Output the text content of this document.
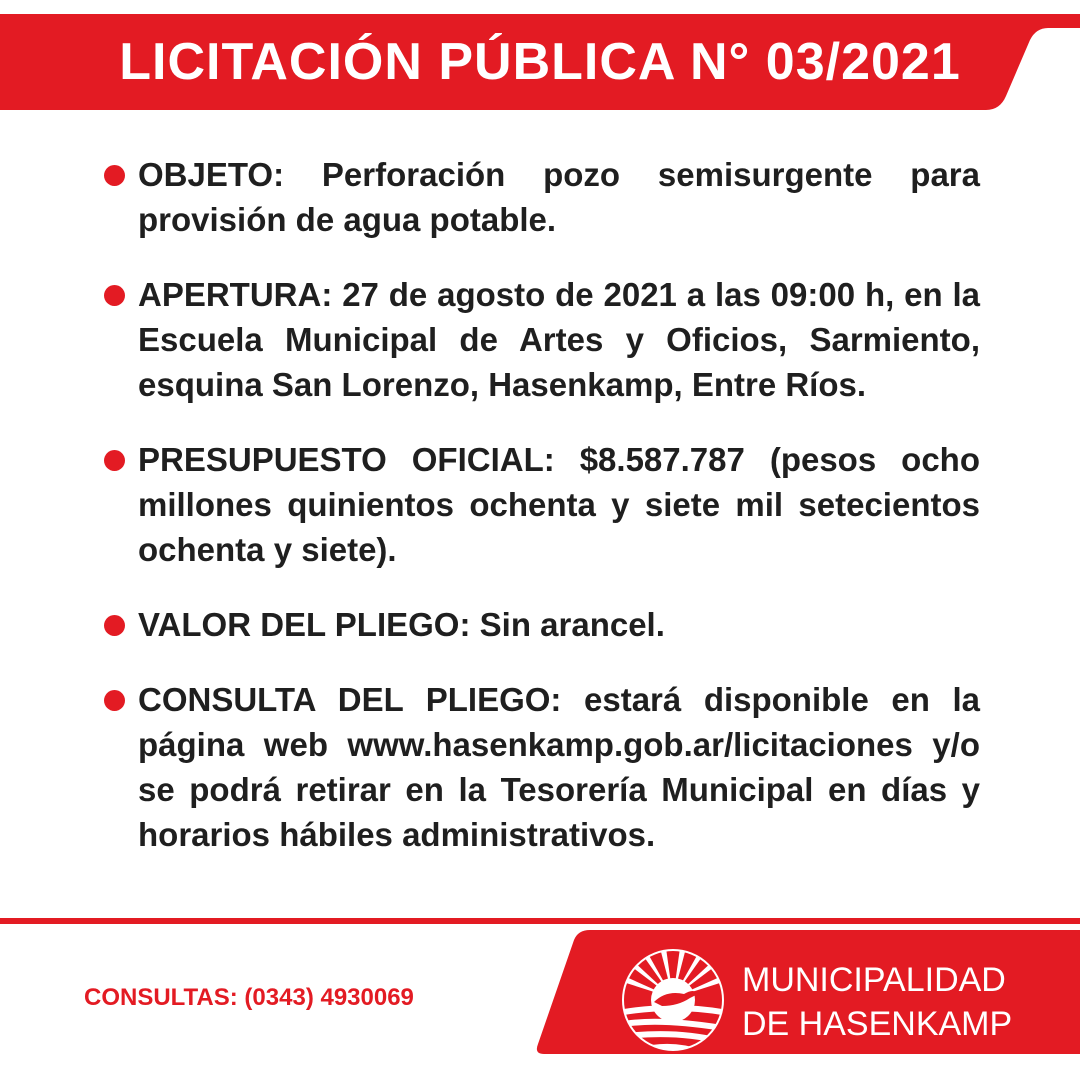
LICITACIÓN PÚBLICA N° 03/2021
OBJETO: Perforación pozo semisurgente para provisión de agua potable.
APERTURA: 27 de agosto de 2021 a las 09:00 h, en la Escuela Municipal de Artes y Oficios, Sarmiento, esquina San Lorenzo, Hasenkamp, Entre Ríos.
PRESUPUESTO OFICIAL: $8.587.787 (pesos ocho millones quinientos ochenta y siete mil setecientos ochenta y siete).
VALOR DEL PLIEGO: Sin arancel.
CONSULTA DEL PLIEGO: estará disponible en la página web www.hasenkamp.gob.ar/licitaciones y/o se podrá retirar en la Tesorería Municipal en días y horarios hábiles administrativos.
CONSULTAS: (0343) 4930069	MUNICIPALIDAD
DE HASENKAMP
